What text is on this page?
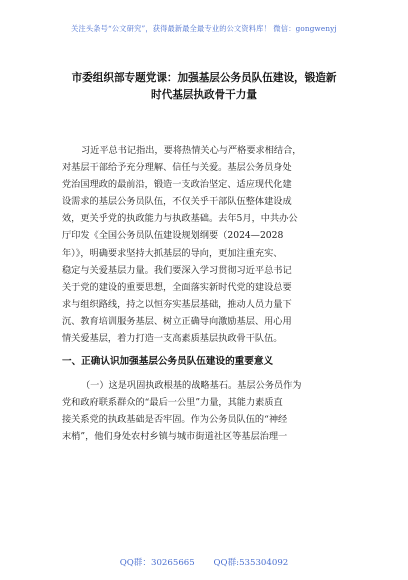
关注头条号“公文研究”，获得最新最全最专业的公文资料库！ 微信：gongwenyj
市委组织部专题党课：加强基层公务员队伍建设，锻造新
时代基层执政骨干力量
习近平总书记指出，要将热情关心与严格要求相结合，
对基层干部给予充分理解、信任与关爱。基层公务员身处
党治国理政的最前沿，锻造一支政治坚定、适应现代化建
设需求的基层公务员队伍，不仅关乎干部队伍整体建设成
效，更关乎党的执政能力与执政基础。去年5月，中共办公
厅印发《全国公务员队伍建设规划纲要（2024—2028
年）》，明确要求坚持大抓基层的导向，更加注重充实、
稳定与关爱基层力量。我们要深入学习贯彻习近平总书记
关于党的建设的重要思想，全面落实新时代党的建设总要
求与组织路线，持之以恒夯实基层基础，推动人员力量下
沉、教育培训服务基层、树立正确导向激励基层、用心用
情关爱基层，着力打造一支高素质基层执政骨干队伍。
一、正确认识加强基层公务员队伍建设的重要意义
（一）这是巩固执政根基的战略基石。基层公务员作为
党和政府联系群众的“最后一公里”力量，其能力素质直
接关系党的执政基础是否牢固。作为公务员队伍的“神经
末梢”，他们身处农村乡镇与城市街道社区等基层治理一
QQ群：30265665 QQ群:535304092
